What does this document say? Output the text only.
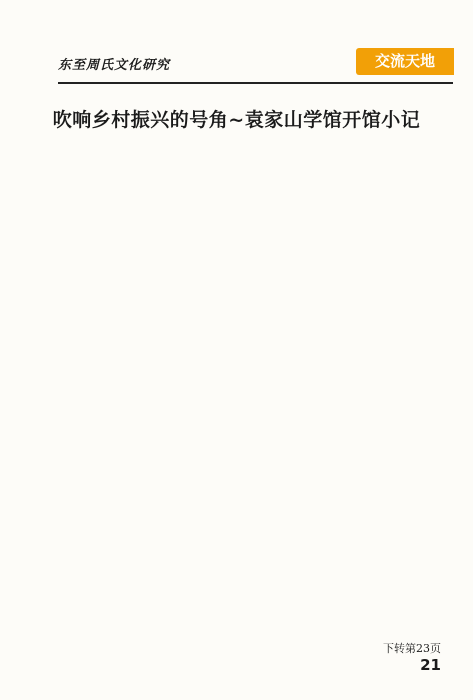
东至周氏文化研究	交流天地
吹响乡村振兴的号角~袁家山学馆开馆小记
下转第23页
21
